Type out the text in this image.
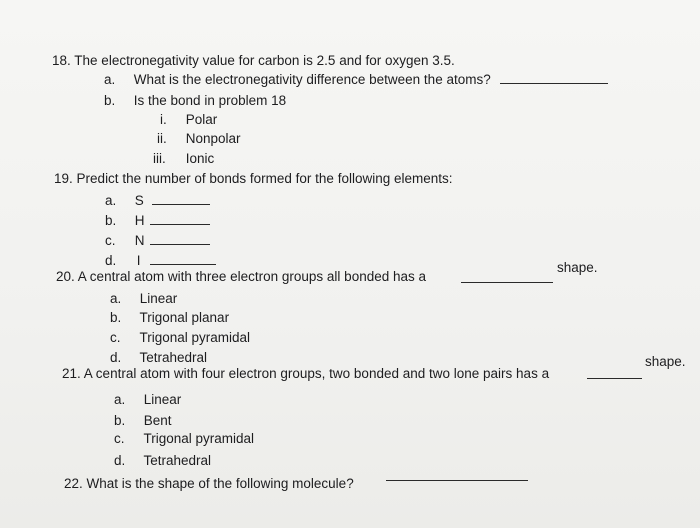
18. The electronegativity value for carbon is 2.5 and for oxygen 3.5.
a. What is the electronegativity difference between the atoms?
b. Is the bond in problem 18
i. Polar
ii. Nonpolar
iii. Ionic
19. Predict the number of bonds formed for the following elements:
a. S
b. H
c. N
d. I
20. A central atom with three electron groups all bonded has a
shape.
a. Linear
b. Trigonal planar
c. Trigonal pyramidal
d. Tetrahedral
21. A central atom with four electron groups, two bonded and two lone pairs has a
shape.
a. Linear
b. Bent
c. Trigonal pyramidal
d. Tetrahedral
22. What is the shape of the following molecule?
